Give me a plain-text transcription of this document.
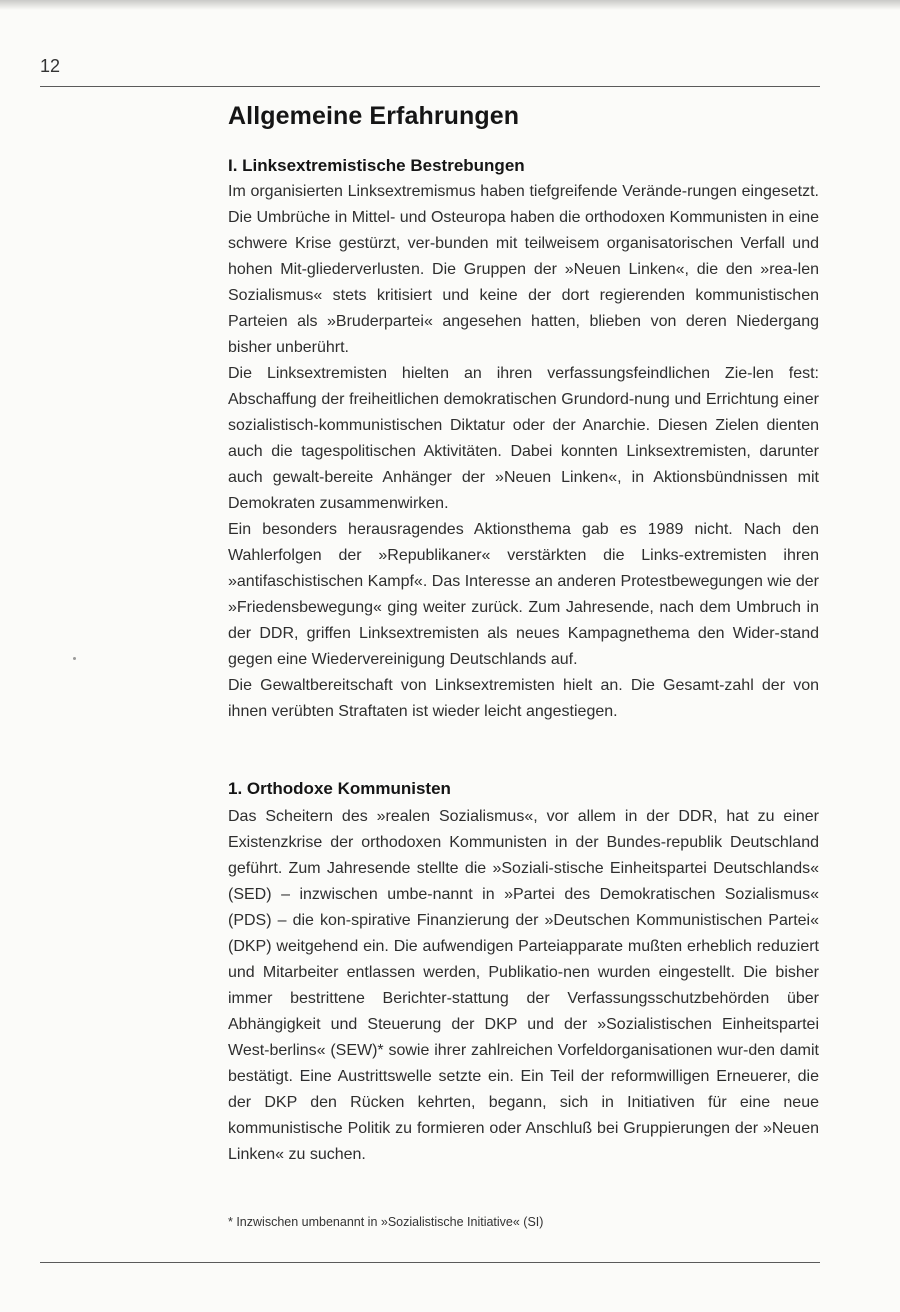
12
Allgemeine Erfahrungen
I. Linksextremistische Bestrebungen

Im organisierten Linksextremismus haben tiefgreifende Verände-rungen eingesetzt. Die Umbrüche in Mittel- und Osteuropa haben die orthodoxen Kommunisten in eine schwere Krise gestürzt, ver-bunden mit teilweisem organisatorischen Verfall und hohen Mit-gliederverlusten. Die Gruppen der »Neuen Linken«, die den »rea-len Sozialismus« stets kritisiert und keine der dort regierenden kommunistischen Parteien als »Bruderpartei« angesehen hatten, blieben von deren Niedergang bisher unberührt.

Die Linksextremisten hielten an ihren verfassungsfeindlichen Zie-len fest: Abschaffung der freiheitlichen demokratischen Grundord-nung und Errichtung einer sozialistisch-kommunistischen Diktatur oder der Anarchie. Diesen Zielen dienten auch die tagespolitischen Aktivitäten. Dabei konnten Linksextremisten, darunter auch gewalt-bereite Anhänger der »Neuen Linken«, in Aktionsbündnissen mit Demokraten zusammenwirken.

Ein besonders herausragendes Aktionsthema gab es 1989 nicht. Nach den Wahlerfolgen der »Republikaner« verstärkten die Links-extremisten ihren »antifaschistischen Kampf«. Das Interesse an anderen Protestbewegungen wie der »Friedensbewegung« ging weiter zurück. Zum Jahresende, nach dem Umbruch in der DDR, griffen Linksextremisten als neues Kampagnethema den Wider-stand gegen eine Wiedervereinigung Deutschlands auf.

Die Gewaltbereitschaft von Linksextremisten hielt an. Die Gesamt-zahl der von ihnen verübten Straftaten ist wieder leicht angestiegen.

1. Orthodoxe Kommunisten

Das Scheitern des »realen Sozialismus«, vor allem in der DDR, hat zu einer Existenzkrise der orthodoxen Kommunisten in der Bundes-republik Deutschland geführt. Zum Jahresende stellte die »Soziali-stische Einheitspartei Deutschlands« (SED) – inzwischen umbe-nannt in »Partei des Demokratischen Sozialismus« (PDS) – die kon-spirative Finanzierung der »Deutschen Kommunistischen Partei« (DKP) weitgehend ein. Die aufwendigen Parteiapparate mußten erheblich reduziert und Mitarbeiter entlassen werden, Publikatio-nen wurden eingestellt. Die bisher immer bestrittene Berichter-stattung der Verfassungsschutzbehörden über Abhängigkeit und Steuerung der DKP und der »Sozialistischen Einheitspartei West-berlins« (SEW)* sowie ihrer zahlreichen Vorfeldorganisationen wur-den damit bestätigt. Eine Austrittswelle setzte ein. Ein Teil der reformwilligen Erneuerer, die der DKP den Rücken kehrten, begann, sich in Initiativen für eine neue kommunistische Politik zu formieren oder Anschluß bei Gruppierungen der »Neuen Linken« zu suchen.

* Inzwischen umbenannt in »Sozialistische Initiative« (SI)
